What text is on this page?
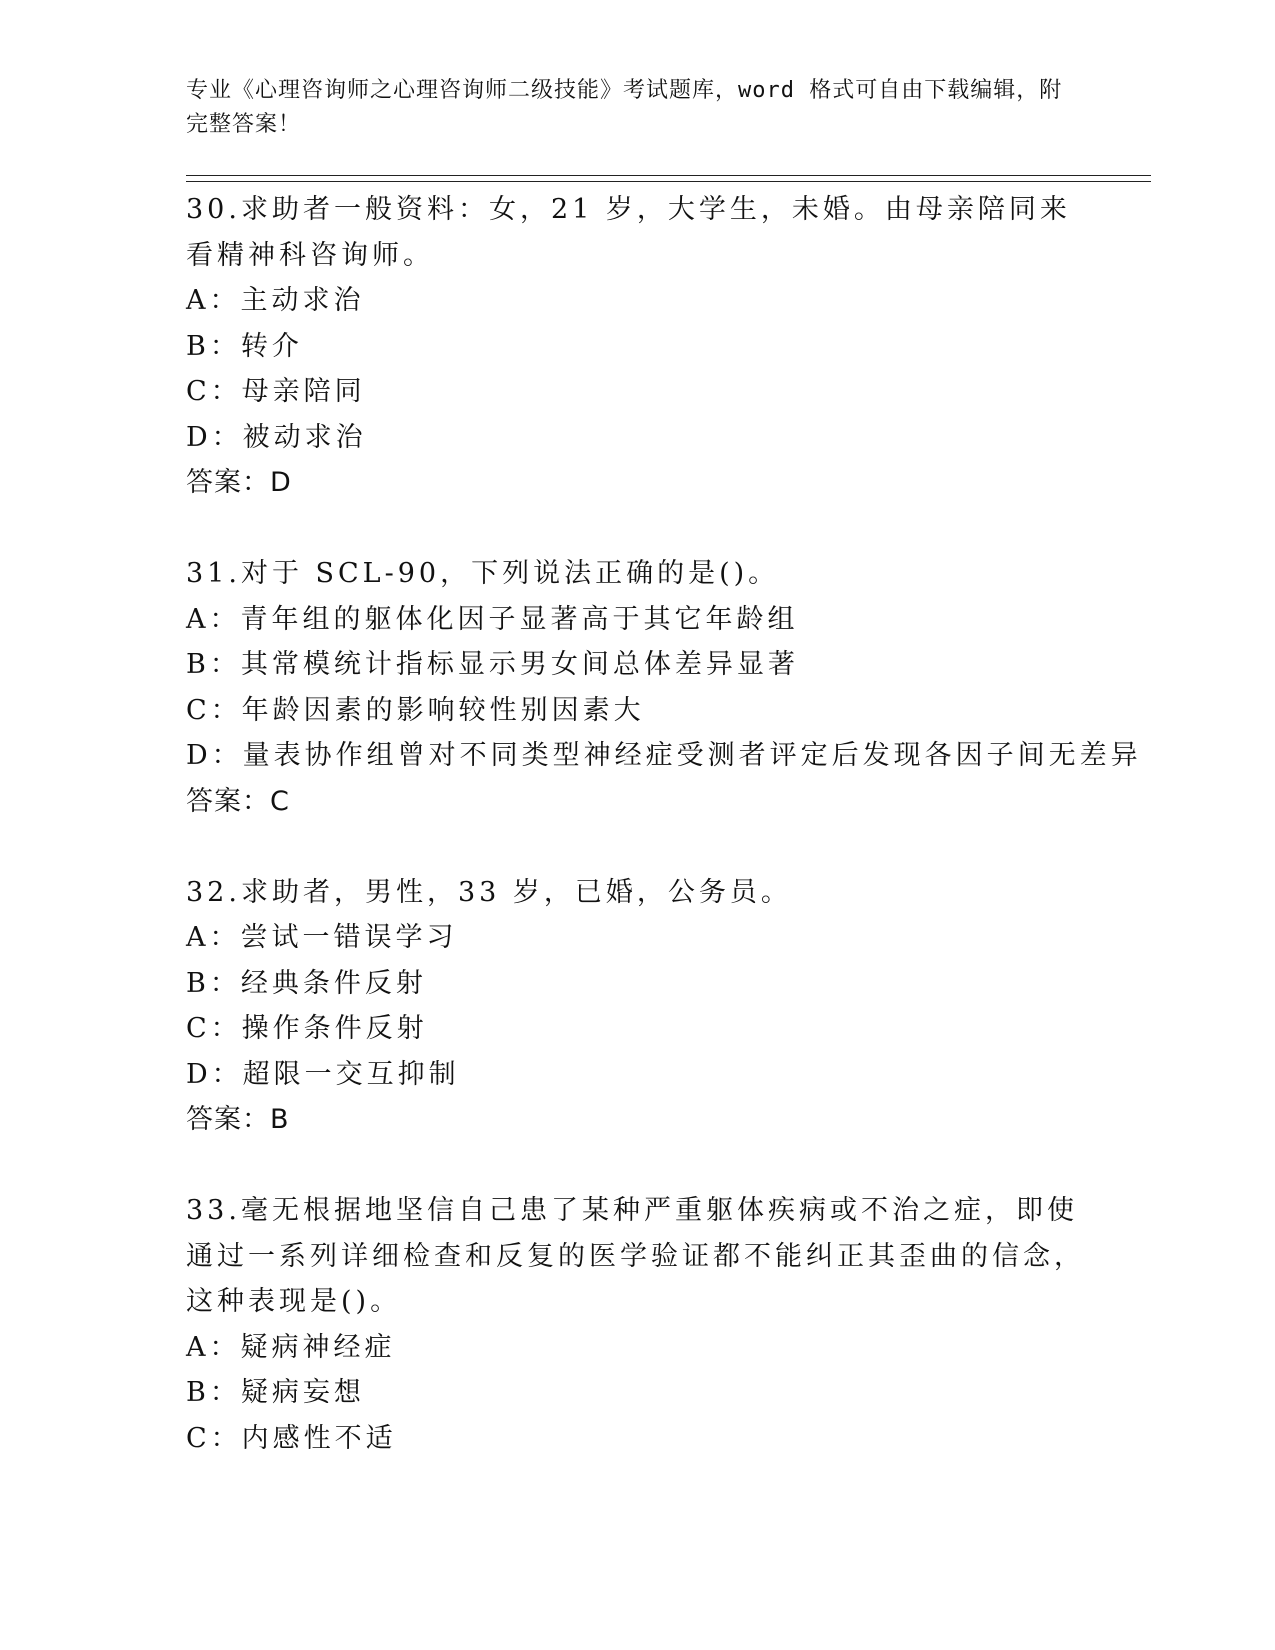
专业《心理咨询师之心理咨询师二级技能》考试题库，word 格式可自由下载编辑，附完整答案！

30.求助者一般资料：女，21 岁，大学生，未婚。由母亲陪同来看精神科咨询师。

A：主动求治

B：转介

C：母亲陪同

D：被动求治

答案：D

31.对于 SCL-90，下列说法正确的是()。

A：青年组的躯体化因子显著高于其它年龄组

B：其常模统计指标显示男女间总体差异显著

C：年龄因素的影响较性别因素大

D：量表协作组曾对不同类型神经症受测者评定后发现各因子间无差异

答案：C

32.求助者，男性，33 岁，已婚，公务员。

A：尝试一错误学习

B：经典条件反射

C：操作条件反射

D：超限一交互抑制

答案：B

33.毫无根据地坚信自己患了某种严重躯体疾病或不治之症，即使通过一系列详细检查和反复的医学验证都不能纠正其歪曲的信念，这种表现是()。

A：疑病神经症

B：疑病妄想

C：内感性不适
